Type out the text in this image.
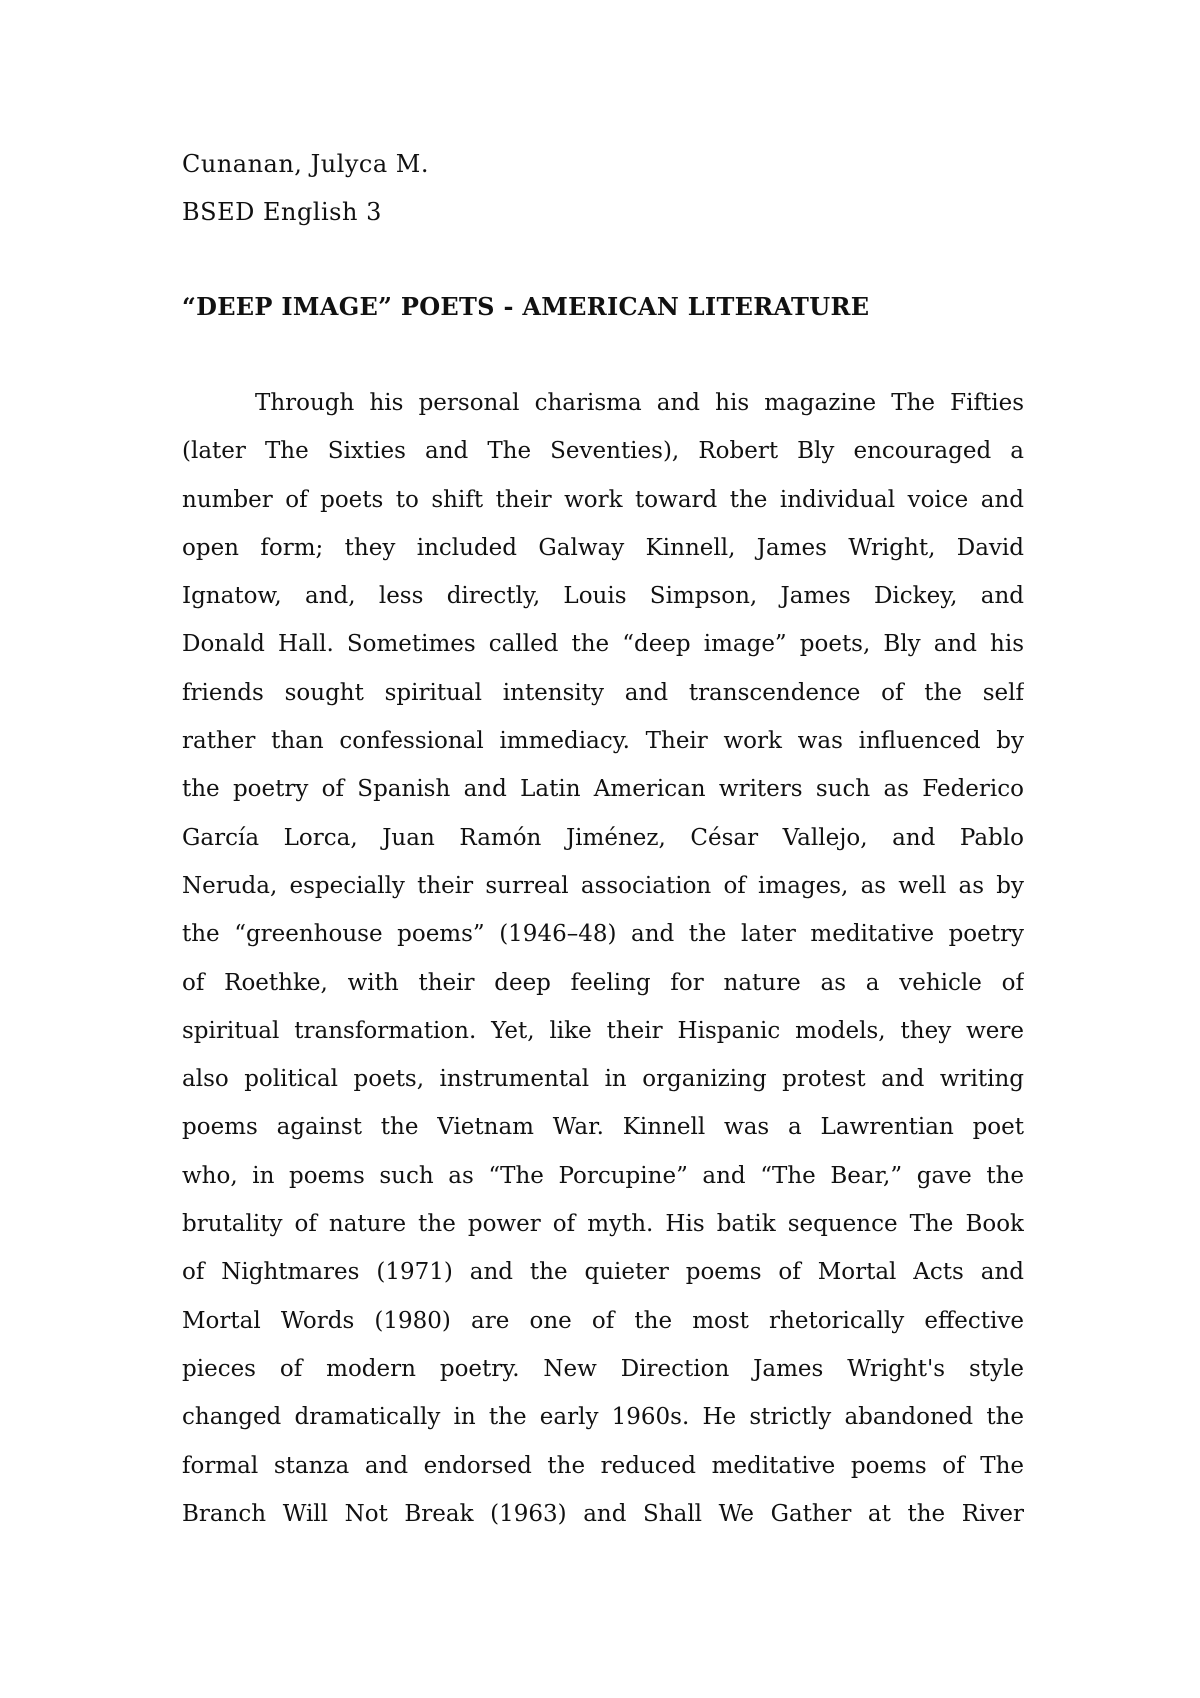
Cunanan, Julyca M.
BSED English 3
“DEEP IMAGE” POETS - AMERICAN LITERATURE
Through his personal charisma and his magazine The Fifties
(later The Sixties and The Seventies), Robert Bly encouraged a
number of poets to shift their work toward the individual voice and
open form; they included Galway Kinnell, James Wright, David
Ignatow, and, less directly, Louis Simpson, James Dickey, and
Donald Hall. Sometimes called the “deep image” poets, Bly and his
friends sought spiritual intensity and transcendence of the self
rather than confessional immediacy. Their work was influenced by
the poetry of Spanish and Latin American writers such as Federico
García Lorca, Juan Ramón Jiménez, César Vallejo, and Pablo
Neruda, especially their surreal association of images, as well as by
the “greenhouse poems” (1946–48) and the later meditative poetry
of Roethke, with their deep feeling for nature as a vehicle of
spiritual transformation. Yet, like their Hispanic models, they were
also political poets, instrumental in organizing protest and writing
poems against the Vietnam War. Kinnell was a Lawrentian poet
who, in poems such as “The Porcupine” and “The Bear,” gave the
brutality of nature the power of myth. His batik sequence The Book
of Nightmares (1971) and the quieter poems of Mortal Acts and
Mortal Words (1980) are one of the most rhetorically effective
pieces of modern poetry. New Direction James Wright's style
changed dramatically in the early 1960s. He strictly abandoned the
formal stanza and endorsed the reduced meditative poems of The
Branch Will Not Break (1963) and Shall We Gather at the River
